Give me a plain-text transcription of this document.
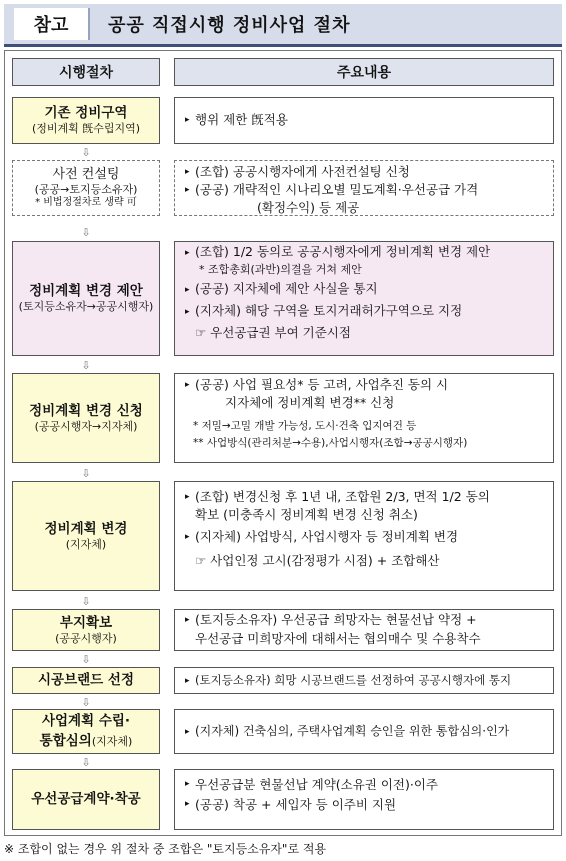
참고	공공 직접시행 정비사업 절차
시행절차	주요내용
기존 정비구역
(정비계획 旣수립지역)
▸ 행위 제한 旣적용
사전 컨설팅
(공공→토지등소유자)
* 비법정절차로 생략 可
▸ (조합) 공공시행자에게 사전컨설팅 신청
▸ (공공) 개략적인 시나리오별 밀도계획·우선공급 가격
(확정수익) 등 제공
정비계획 변경 제안
(토지등소유자→공공시행자)
▸ (조합) 1/2 동의로 공공시행자에게 정비계획 변경 제안
* 조합총회(과반)의결을 거쳐 제안
▸ (공공) 지자체에 제안 사실을 통지
▸ (지자체) 해당 구역을 토지거래허가구역으로 지정
☞ 우선공급권 부여 기준시점
정비계획 변경 신청
(공공시행자→지자체)
▸ (공공) 사업 필요성* 등 고려, 사업추진 동의 시
지자체에 정비계획 변경** 신청
* 저밀→고밀 개발 가능성, 도시·건축 입지여건 등
** 사업방식(관리처분→수용),사업시행자(조합→공공시행자)
정비계획 변경
(지자체)
▸ (조합) 변경신청 후 1년 내, 조합원 2/3, 면적 1/2 동의
확보 (미충족시 정비계획 변경 신청 취소)
▸ (지자체) 사업방식, 사업시행자 등 정비계획 변경
☞ 사업인정 고시(감정평가 시점) + 조합해산
부지확보
(공공시행자)
▸ (토지등소유자) 우선공급 희망자는 현물선납 약정 +
우선공급 미희망자에 대해서는 협의매수 및 수용착수
시공브랜드 선정
▸	(토지등소유자) 희망 시공브랜드를 선정하여 공공시행자에 통지
사업계획 수립·
통합심의(지자체)
▸ (지자체) 건축심의, 주택사업계획 승인을 위한 통합심의·인가
우선공급계약·착공
▸ 우선공급분 현물선납 계약(소유권 이전)·이주
▸ (공공) 착공 + 세입자 등 이주비 지원
⇩
⇩
⇩
⇩
⇩
⇩
⇩
⇩
※ 조합이 없는 경우 위 절차 중 조합은 "토지등소유자"로 적용
